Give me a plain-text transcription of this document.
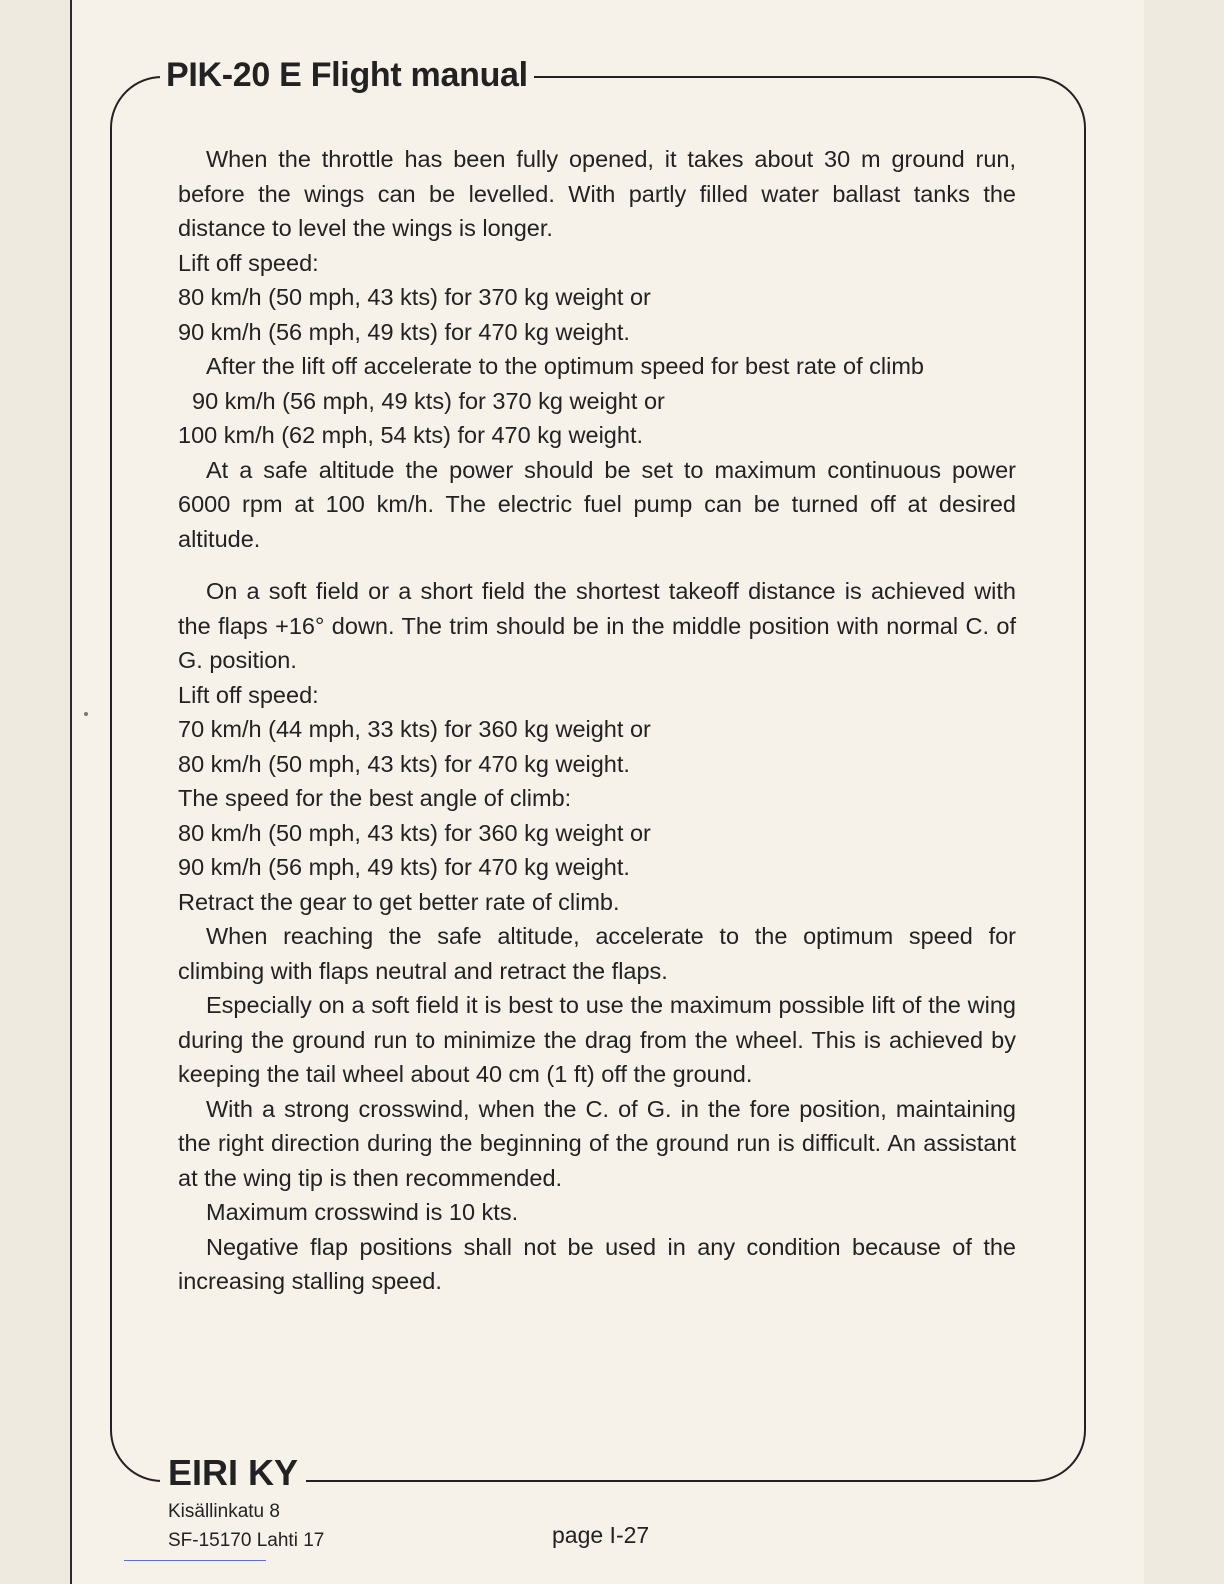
PIK-20 E Flight manual

When the throttle has been fully opened, it takes about 30 m ground run, before the wings can be levelled. With partly filled water ballast tanks the distance to level the wings is longer.

Lift off speed:

80 km/h (50 mph, 43 kts) for 370 kg weight or

90 km/h (56 mph, 49 kts) for 470 kg weight.

After the lift off accelerate to the optimum speed for best rate of climb

90 km/h (56 mph, 49 kts) for 370 kg weight or

100 km/h (62 mph, 54 kts) for 470 kg weight.

At a safe altitude the power should be set to maximum continuous power 6000 rpm at 100 km/h. The electric fuel pump can be turned off at desired altitude.

On a soft field or a short field the shortest takeoff distance is achieved with the flaps +16° down. The trim should be in the middle position with normal C. of G. position.

Lift off speed:

70 km/h (44 mph, 33 kts) for 360 kg weight or

80 km/h (50 mph, 43 kts) for 470 kg weight.

The speed for the best angle of climb:

80 km/h (50 mph, 43 kts) for 360 kg weight or

90 km/h (56 mph, 49 kts) for 470 kg weight.

Retract the gear to get better rate of climb.

When reaching the safe altitude, accelerate to the optimum speed for climbing with flaps neutral and retract the flaps.

Especially on a soft field it is best to use the maximum possible lift of the wing during the ground run to minimize the drag from the wheel. This is achieved by keeping the tail wheel about 40 cm (1 ft) off the ground.

With a strong crosswind, when the C. of G. in the fore position, maintaining the right direction during the beginning of the ground run is difficult. An assistant at the wing tip is then recommended.

Maximum crosswind is 10 kts.

Negative flap positions shall not be used in any condition because of the increasing stalling speed.

EIRI KY
Kisällinkatu 8
SF-15170 Lahti 17	page I-27
